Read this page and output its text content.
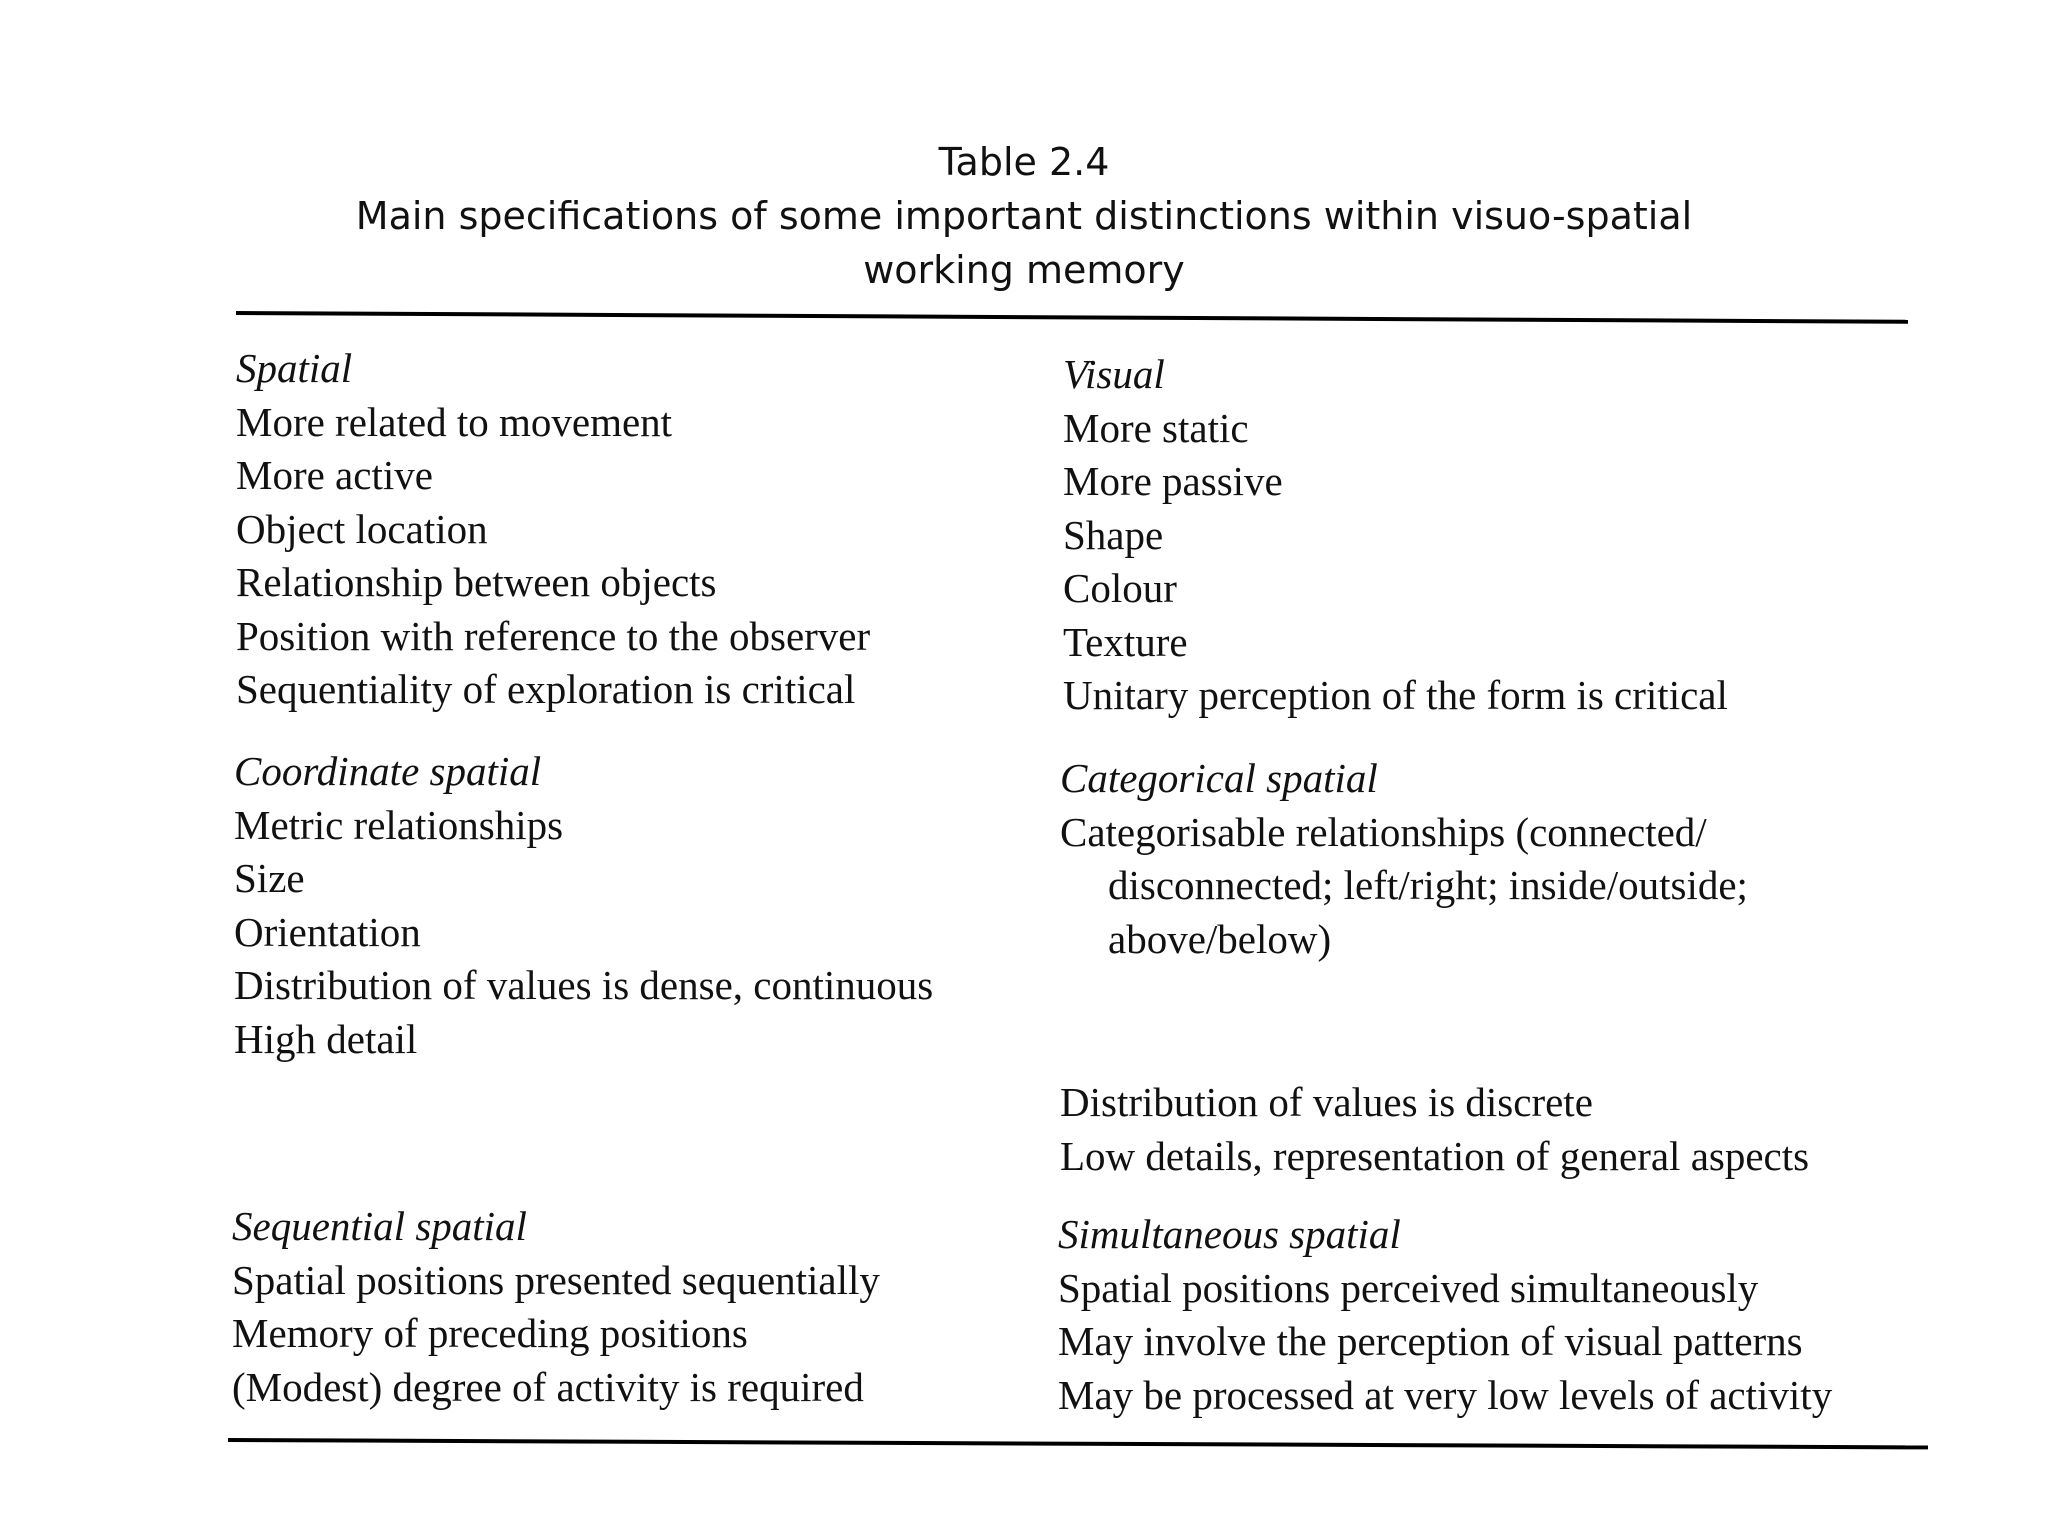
Table 2.4
Main specifications of some important distinctions within visuo-spatial
working memory
Spatial
More related to movement
More active
Object location
Relationship between objects
Position with reference to the observer
Sequentiality of exploration is critical
Visual
More static
More passive
Shape
Colour
Texture
Unitary perception of the form is critical
Coordinate spatial
Metric relationships
Size
Orientation
Distribution of values is dense, continuous
High detail
Categorical spatial
Categorisable relationships (connected/
disconnected; left/right; inside/outside;
above/below)
Distribution of values is discrete
Low details, representation of general aspects
Sequential spatial
Spatial positions presented sequentially
Memory of preceding positions
(Modest) degree of activity is required
Simultaneous spatial
Spatial positions perceived simultaneously
May involve the perception of visual patterns
May be processed at very low levels of activity
